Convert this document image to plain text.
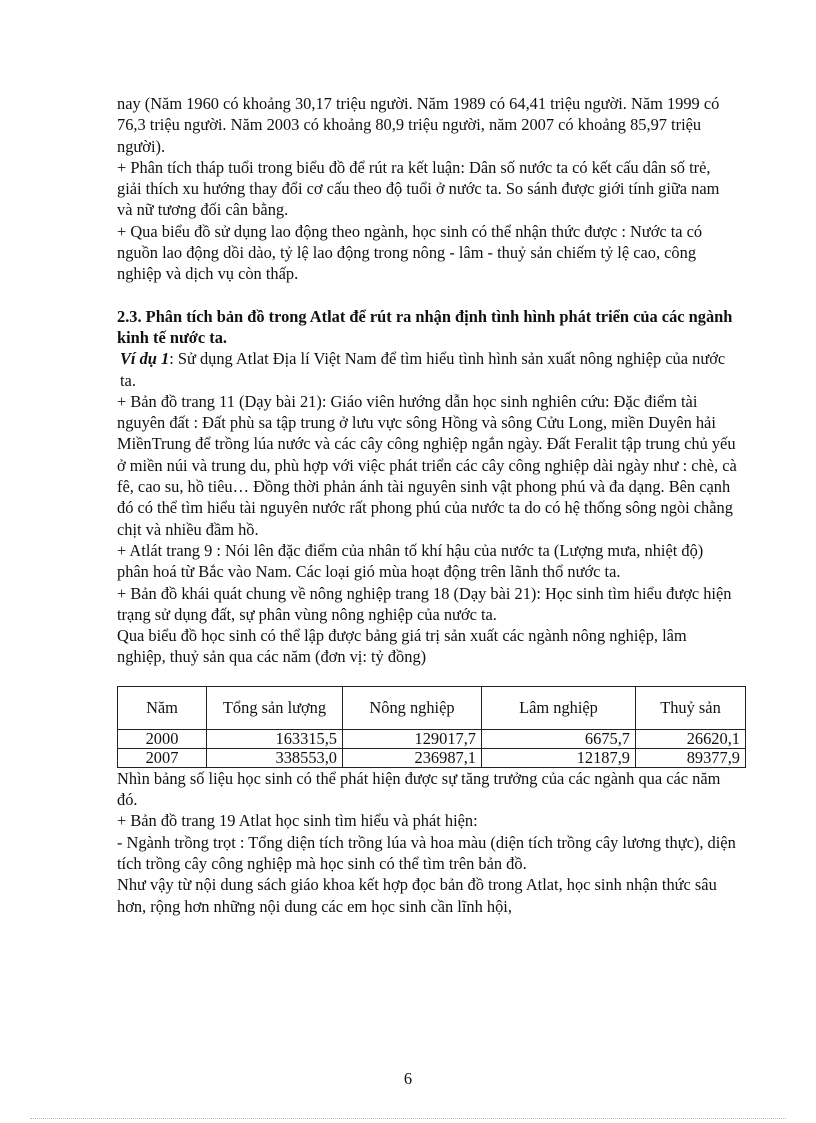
nay (Năm 1960 có khoảng 30,17 triệu người. Năm 1989 có 64,41 triệu người. Năm 1999 có 76,3 triệu người. Năm 2003 có khoảng 80,9 triệu người, năm 2007 có khoảng 85,97 triệu người).

+ Phân tích tháp tuổi trong biểu đồ để rút ra kết luận: Dân số nước ta có kết cấu dân số trẻ, giải thích xu hướng thay đổi cơ cấu theo độ tuổi ở nước ta. So sánh được giới tính giữa nam và nữ tương đối cân bằng.

+ Qua biểu đồ sử dụng lao động theo ngành, học sinh có thể nhận thức được : Nước ta có nguồn lao động dồi dào, tỷ lệ lao động trong nông - lâm - thuỷ sản chiếm tỷ lệ cao, công nghiệp và dịch vụ còn thấp.

2.3. Phân tích bản đồ trong Atlat để rút ra nhận định tình hình phát triển của các ngành kinh tế nước ta.

Ví dụ 1: Sử dụng Atlat Địa lí Việt Nam để tìm hiểu tình hình sản xuất nông nghiệp của nước ta.

+ Bản đồ trang 11 (Dạy bài 21): Giáo viên hướng dẫn học sinh nghiên cứu: Đặc điểm tài nguyên đất : Đất phù sa tập trung ở lưu vực sông Hồng và sông Cửu Long, miền Duyên hải MiềnTrung để trồng lúa nước và các cây công nghiệp ngắn ngày. Đất Feralit tập trung chủ yếu ở miền núi và trung du, phù hợp với việc phát triển các cây công nghiệp dài ngày như : chè, cà fê, cao su, hồ tiêu… Đồng thời phản ánh tài nguyên sinh vật phong phú và đa dạng. Bên cạnh đó có thể tìm hiểu tài nguyên nước rất phong phú của nước ta do có hệ thống sông ngòi chằng chịt và nhiều đầm hồ.

+ Atlát trang 9 : Nói lên đặc điểm của nhân tố khí hậu của nước ta (Lượng mưa, nhiệt độ) phân hoá từ Bắc vào Nam. Các loại gió mùa hoạt động trên lãnh thổ nước ta.

+ Bản đồ khái quát chung về nông nghiệp trang 18 (Dạy bài 21): Học sinh tìm hiểu được hiện trạng sử dụng đất, sự phân vùng nông nghiệp của nước ta.

Qua biểu đồ học sinh có thể lập được bảng giá trị sản xuất các ngành nông nghiệp, lâm nghiệp, thuỷ sản qua các năm (đơn vị: tỷ đồng)

Năm	Tổng sản lượng	Nông nghiệp	Lâm nghiệp	Thuỷ sản
2000	163315,5	129017,7	6675,7	26620,1
2007	338553,0	236987,1	12187,9	89377,9

Nhìn bảng số liệu học sinh có thể phát hiện được sự tăng trưởng của các ngành qua các năm đó.

+ Bản đồ trang 19 Atlat học sinh tìm hiểu và phát hiện:

- Ngành trồng trọt : Tổng diện tích trồng lúa và hoa màu (diện tích trồng cây lương thực), diện tích trồng cây công nghiệp mà học sinh có thể tìm trên bản đồ.

Như vậy từ nội dung sách giáo khoa kết hợp đọc bản đồ trong Atlat, học sinh nhận thức sâu hơn, rộng hơn những nội dung các em học sinh cần lĩnh hội,

6
